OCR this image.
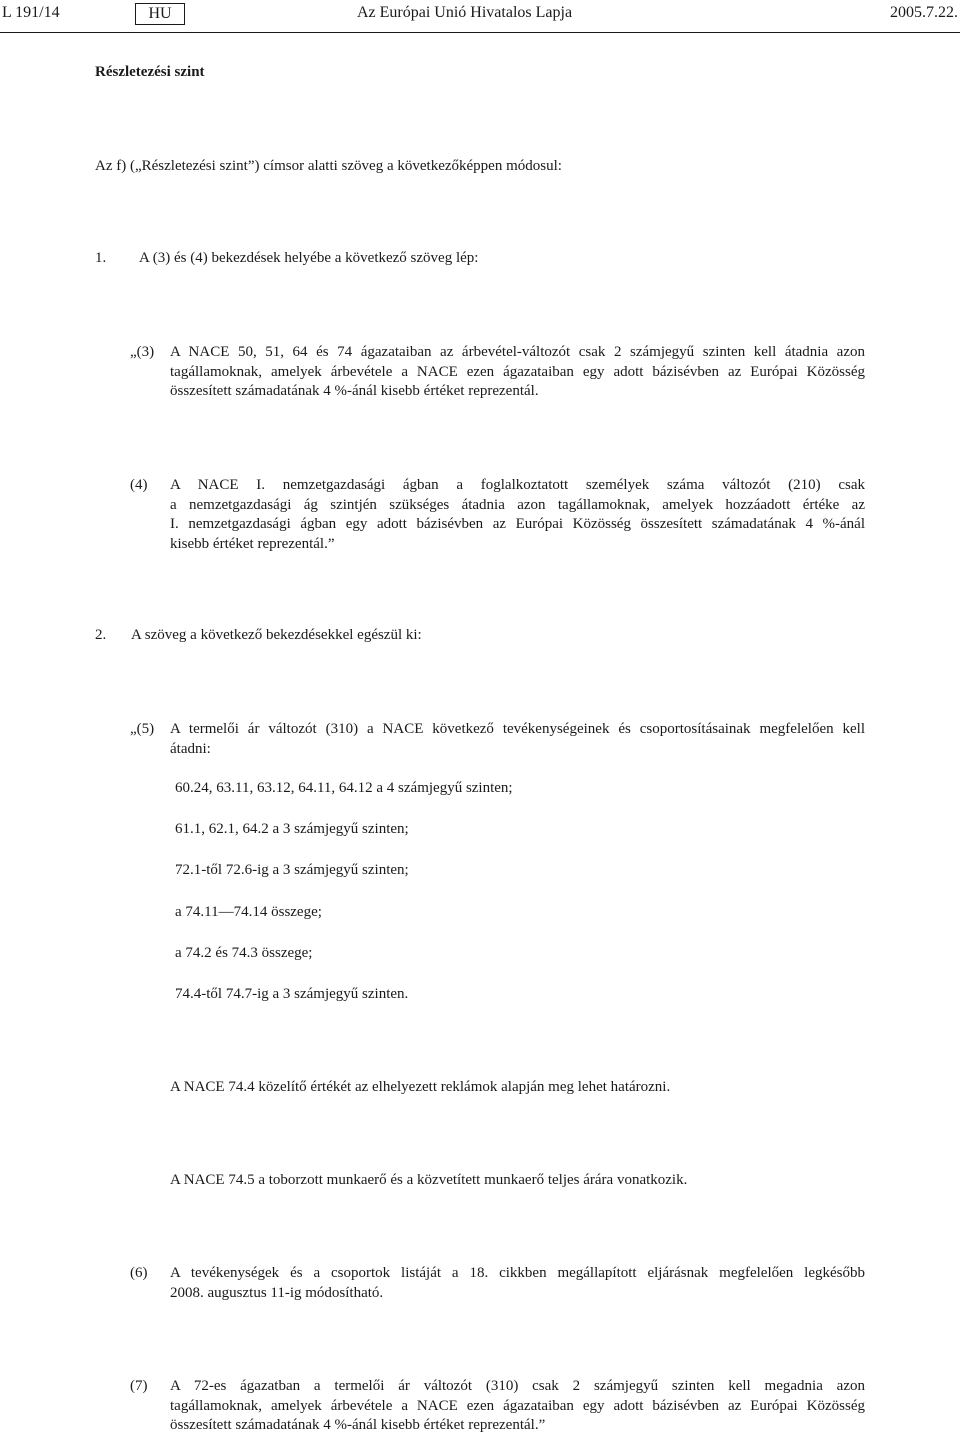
L 191/14	HU	Az Európai Unió Hivatalos Lapja	2005.7.22.
Részletezési szint
Az f) („Részletezési szint”) címsor alatti szöveg a következőképpen módosul:
1. A (3) és (4) bekezdések helyébe a következő szöveg lép:
„(3) A NACE 50, 51, 64 és 74 ágazataiban az árbevétel-változót csak 2 számjegyű szinten kell átadnia azon
tagállamoknak, amelyek árbevétele a NACE ezen ágazataiban egy adott bázisévben az Európai Közösség
összesített számadatának 4 %-ánál kisebb értéket reprezentál.
(4) A NACE I. nemzetgazdasági ágban a foglalkoztatott személyek száma változót (210) csak
a nemzetgazdasági ág szintjén szükséges átadnia azon tagállamoknak, amelyek hozzáadott értéke az
I. nemzetgazdasági ágban egy adott bázisévben az Európai Közösség összesített számadatának 4 %-ánál
kisebb értéket reprezentál.”
2. A szöveg a következő bekezdésekkel egészül ki:
„(5) A termelői ár változót (310) a NACE következő tevékenységeinek és csoportosításainak megfelelően kell
átadni:
60.24, 63.11, 63.12, 64.11, 64.12 a 4 számjegyű szinten;
61.1, 62.1, 64.2 a 3 számjegyű szinten;
72.1-től 72.6-ig a 3 számjegyű szinten;
a 74.11—74.14 összege;
a 74.2 és 74.3 összege;
74.4-től 74.7-ig a 3 számjegyű szinten.
A NACE 74.4 közelítő értékét az elhelyezett reklámok alapján meg lehet határozni.
A NACE 74.5 a toborzott munkaerő és a közvetített munkaerő teljes árára vonatkozik.
(6) A tevékenységek és a csoportok listáját a 18. cikkben megállapított eljárásnak megfelelően legkésőbb
2008. augusztus 11-ig módosítható.
(7) A 72-es ágazatban a termelői ár változót (310) csak 2 számjegyű szinten kell megadnia azon
tagállamoknak, amelyek árbevétele a NACE ezen ágazataiban egy adott bázisévben az Európai Közösség
összesített számadatának 4 %-ánál kisebb értéket reprezentál.”
